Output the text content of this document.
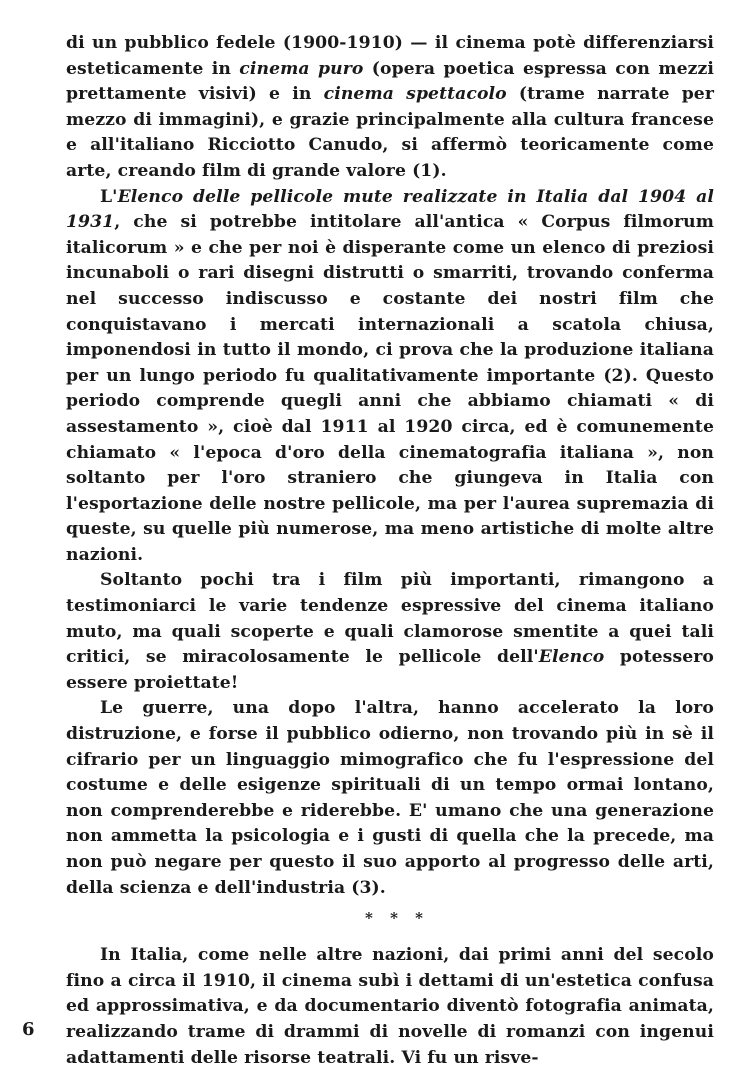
di un pubblico fedele (1900-1910) — il cinema potè differenziarsi esteticamente in cinema puro (opera poetica espressa con mezzi prettamente visivi) e in cinema spettacolo (trame narrate per mezzo di immagini), e grazie principalmente alla cultura francese e all'italiano Ricciotto Canudo, si affermò teoricamente come arte, creando film di grande valore (1).

L'Elenco delle pellicole mute realizzate in Italia dal 1904 al 1931, che si potrebbe intitolare all'antica « Corpus filmorum italicorum » e che per noi è disperante come un elenco di preziosi incunaboli o rari disegni distrutti o smarriti, trovando conferma nel successo indiscusso e costante dei nostri film che conquistavano i mercati internazionali a scatola chiusa, imponendosi in tutto il mondo, ci prova che la produzione italiana per un lungo periodo fu qualitativamente importante (2). Questo periodo comprende quegli anni che abbiamo chiamati « di assestamento », cioè dal 1911 al 1920 circa, ed è comunemente chiamato « l'epoca d'oro della cinematografia italiana », non soltanto per l'oro straniero che giungeva in Italia con l'esportazione delle nostre pellicole, ma per l'aurea supremazia di queste, su quelle più numerose, ma meno artistiche di molte altre nazioni.

Soltanto pochi tra i film più importanti, rimangono a testimoniarci le varie tendenze espressive del cinema italiano muto, ma quali scoperte e quali clamorose smentite a quei tali critici, se miracolosamente le pellicole dell'Elenco potessero essere proiettate!

Le guerre, una dopo l'altra, hanno accelerato la loro distruzione, e forse il pubblico odierno, non trovando più in sè il cifrario per un linguaggio mimografico che fu l'espressione del costume e delle esigenze spirituali di un tempo ormai lontano, non comprenderebbe e riderebbe. E' umano che una generazione non ammetta la psicologia e i gusti di quella che la precede, ma non può negare per questo il suo apporto al progresso delle arti, della scienza e dell'industria (3).

* * *

In Italia, come nelle altre nazioni, dai primi anni del secolo fino a circa il 1910, il cinema subì i dettami di un'estetica confusa ed approssimativa, e da documentario diventò fotografia animata, realizzando trame di drammi di novelle di romanzi con ingenui adattamenti delle risorse teatrali. Vi fu un risve-

6
